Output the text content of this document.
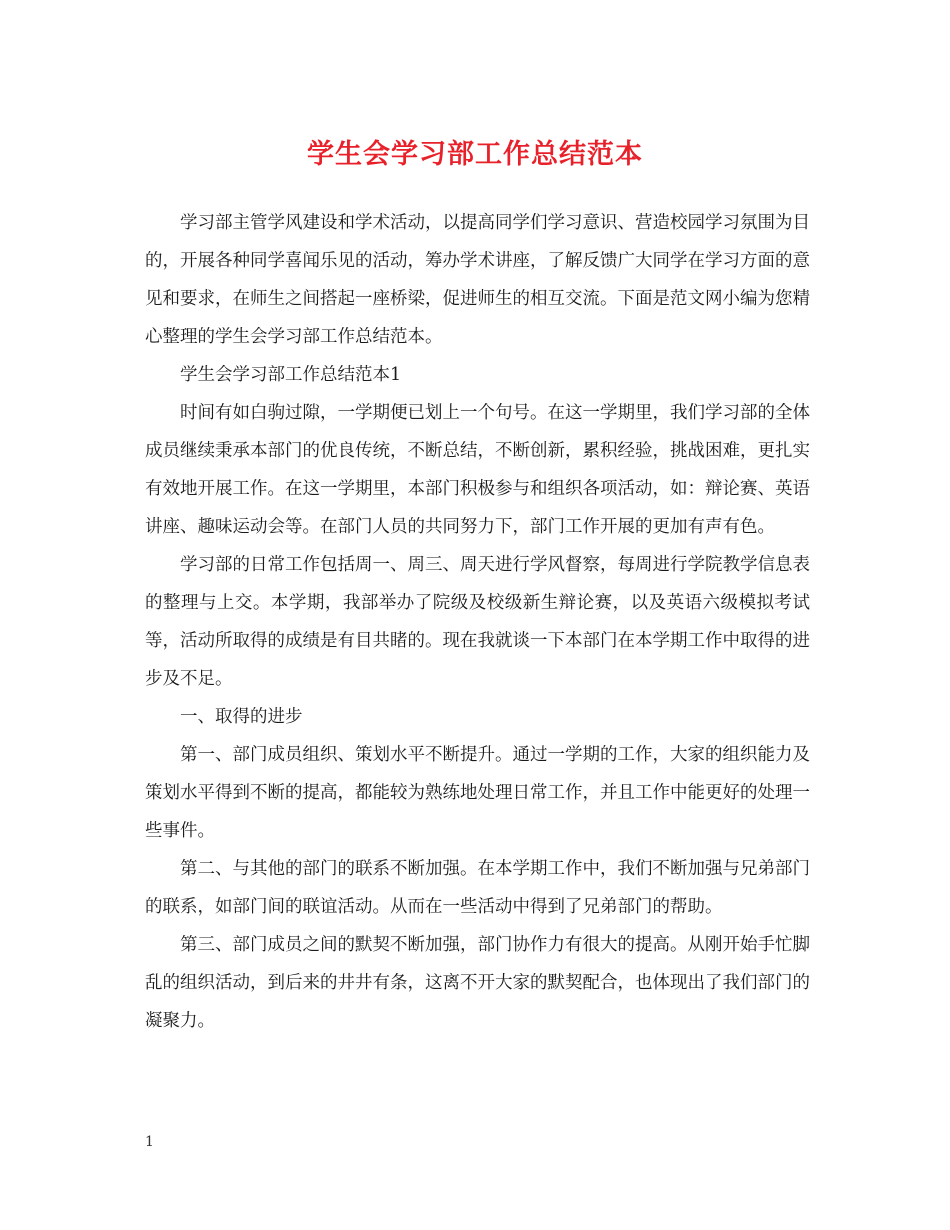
学生会学习部工作总结范本

学习部主管学风建设和学术活动，以提高同学们学习意识、营造校园学习氛围为目的，开展各种同学喜闻乐见的活动，筹办学术讲座，了解反馈广大同学在学习方面的意见和要求，在师生之间搭起一座桥梁，促进师生的相互交流。下面是范文网小编为您精心整理的学生会学习部工作总结范本。

学生会学习部工作总结范本1

时间有如白驹过隙，一学期便已划上一个句号。在这一学期里，我们学习部的全体成员继续秉承本部门的优良传统，不断总结，不断创新，累积经验，挑战困难，更扎实有效地开展工作。在这一学期里，本部门积极参与和组织各项活动，如：辩论赛、英语讲座、趣味运动会等。在部门人员的共同努力下，部门工作开展的更加有声有色。

学习部的日常工作包括周一、周三、周天进行学风督察，每周进行学院教学信息表的整理与上交。本学期，我部举办了院级及校级新生辩论赛，以及英语六级模拟考试等，活动所取得的成绩是有目共睹的。现在我就谈一下本部门在本学期工作中取得的进步及不足。

一、取得的进步

第一、部门成员组织、策划水平不断提升。通过一学期的工作，大家的组织能力及策划水平得到不断的提高，都能较为熟练地处理日常工作，并且工作中能更好的处理一些事件。

第二、与其他的部门的联系不断加强。在本学期工作中，我们不断加强与兄弟部门的联系，如部门间的联谊活动。从而在一些活动中得到了兄弟部门的帮助。

第三、部门成员之间的默契不断加强，部门协作力有很大的提高。从刚开始手忙脚乱的组织活动，到后来的井井有条，这离不开大家的默契配合，也体现出了我们部门的凝聚力。

1
